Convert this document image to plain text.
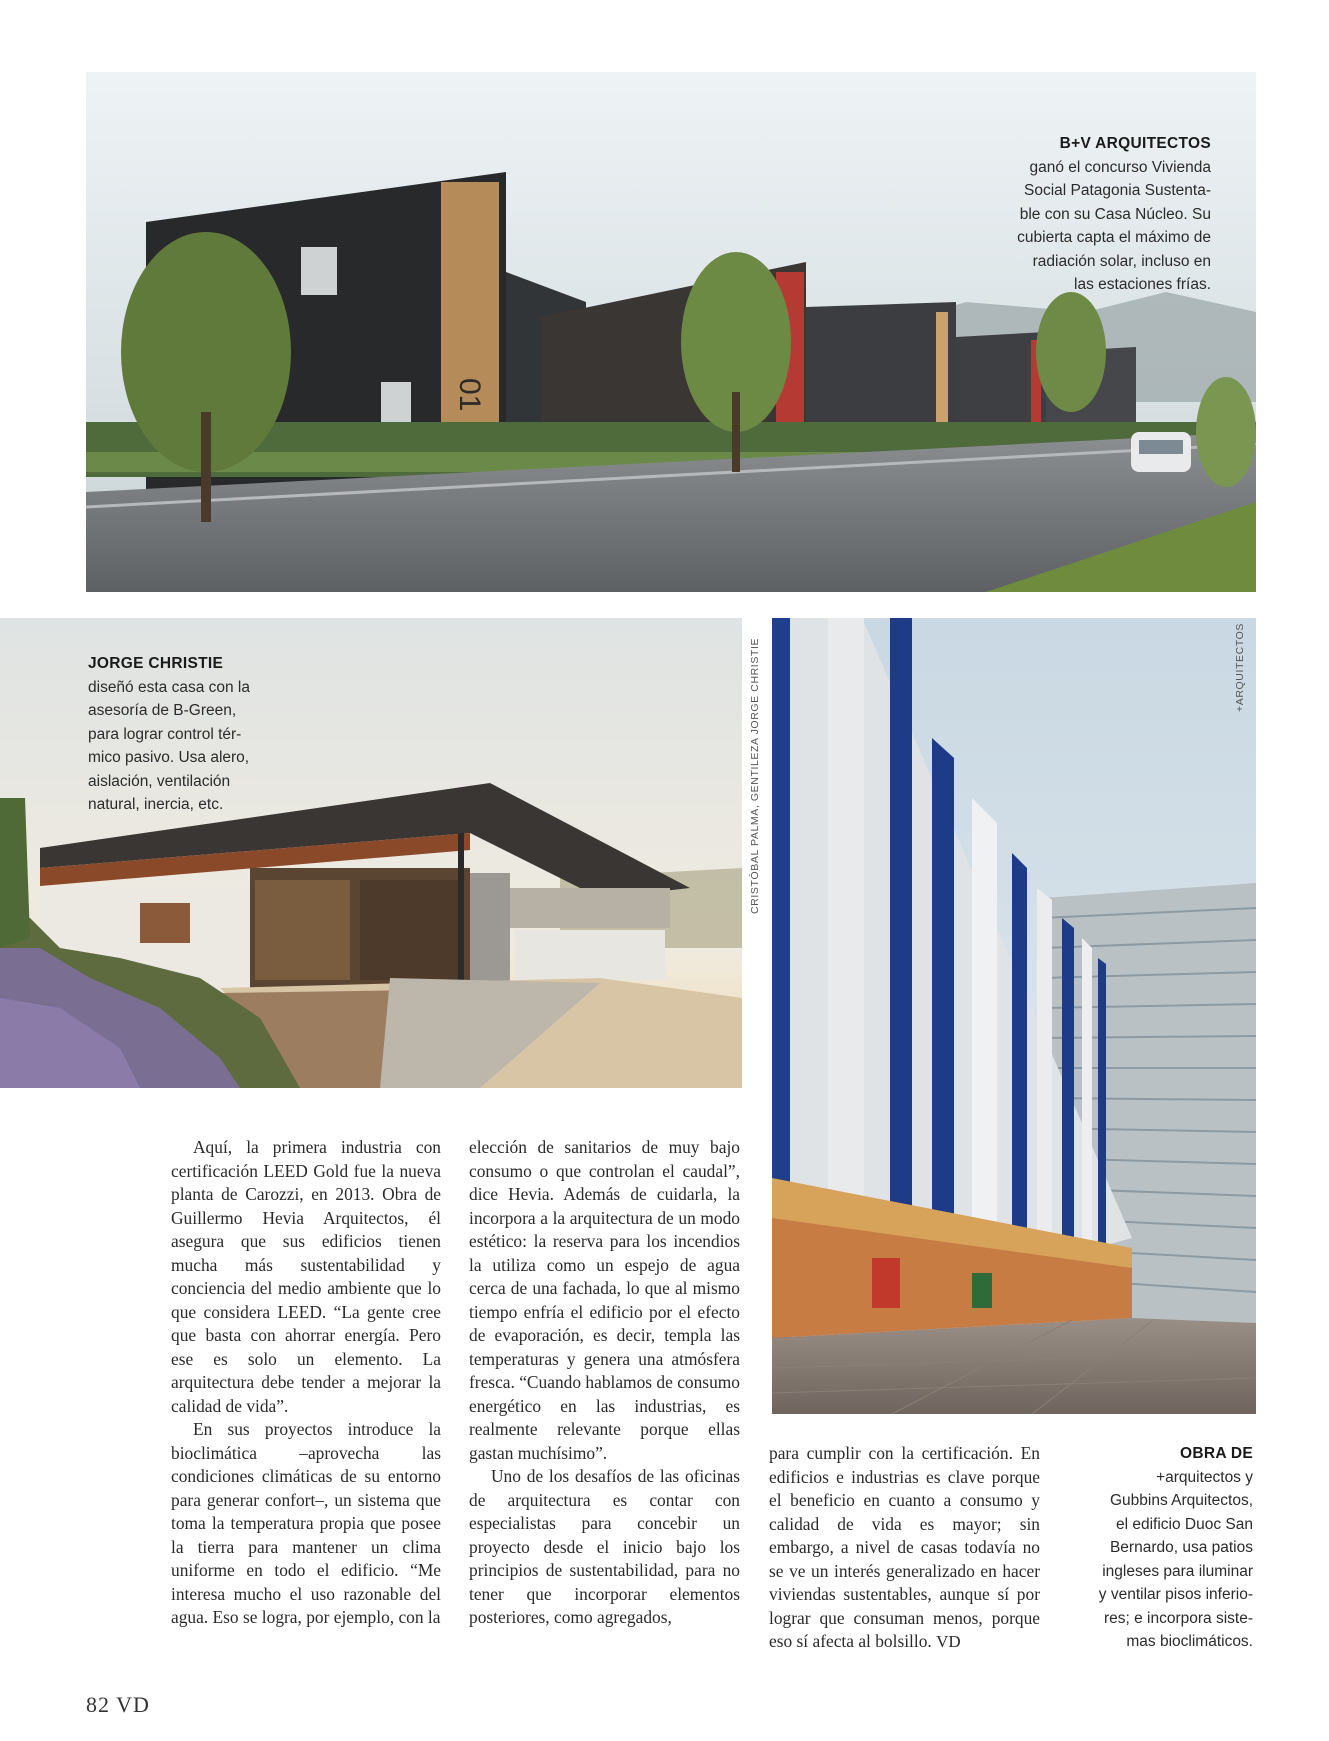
01
B+V ARQUITECTOS
ganó el concurso Vivienda
Social Patagonia Sustenta-
ble con su Casa Núcleo. Su
cubierta capta el máximo de
radiación solar, incluso en
las estaciones frías.
JORGE CHRISTIE
diseñó esta casa con la
asesoría de B-Green,
para lograr control tér-
mico pasivo. Usa alero,
aislación, ventilación
natural, inercia, etc.	CRISTÓBAL PALMA, GENTILEZA JORGE CHRISTIE	+ARQUITECTOS

Aquí, la primera industria con certificación LEED Gold fue la nueva planta de Carozzi, en 2013. Obra de Guillermo Hevia Arquitectos, él asegura que sus edificios tienen mucha más sustentabilidad y conciencia del medio ambiente que lo que considera LEED. “La gente cree que basta con ahorrar energía. Pero ese es solo un elemento. La arquitectura debe tender a mejorar la calidad de vida”.

En sus proyectos introduce la bioclimática –aprovecha las condiciones climáticas de su entorno para generar confort–, un sistema que toma la temperatura propia que posee la tierra para mantener un clima uniforme en todo el edificio. “Me interesa mucho el uso razonable del agua. Eso se logra, por ejemplo, con la

elección de sanitarios de muy bajo consumo o que controlan el caudal”, dice Hevia. Además de cuidarla, la incorpora a la arquitectura de un modo estético: la reserva para los incendios la utiliza como un espejo de agua cerca de una fachada, lo que al mismo tiempo enfría el edificio por el efecto de evaporación, es decir, templa las temperaturas y genera una atmósfera fresca. “Cuando hablamos de consumo energético en las industrias, es realmente relevante porque ellas gastan muchísimo”.

Uno de los desafíos de las oficinas de arquitectura es contar con especialistas para concebir un proyecto desde el inicio bajo los principios de sustentabilidad, para no tener que incorporar elementos posteriores, como agregados,

para cumplir con la certificación. En edificios e industrias es clave porque el beneficio en cuanto a consumo y calidad de vida es mayor; sin embargo, a nivel de casas todavía no se ve un interés generalizado en hacer viviendas sustentables, aunque sí por lograr que consuman menos, porque eso sí afecta al bolsillo. VD

OBRA DE
+arquitectos y
Gubbins Arquitectos,
el edificio Duoc San
Bernardo, usa patios
ingleses para iluminar
y ventilar pisos inferio-
res; e incorpora siste-
mas bioclimáticos.
82 VD
